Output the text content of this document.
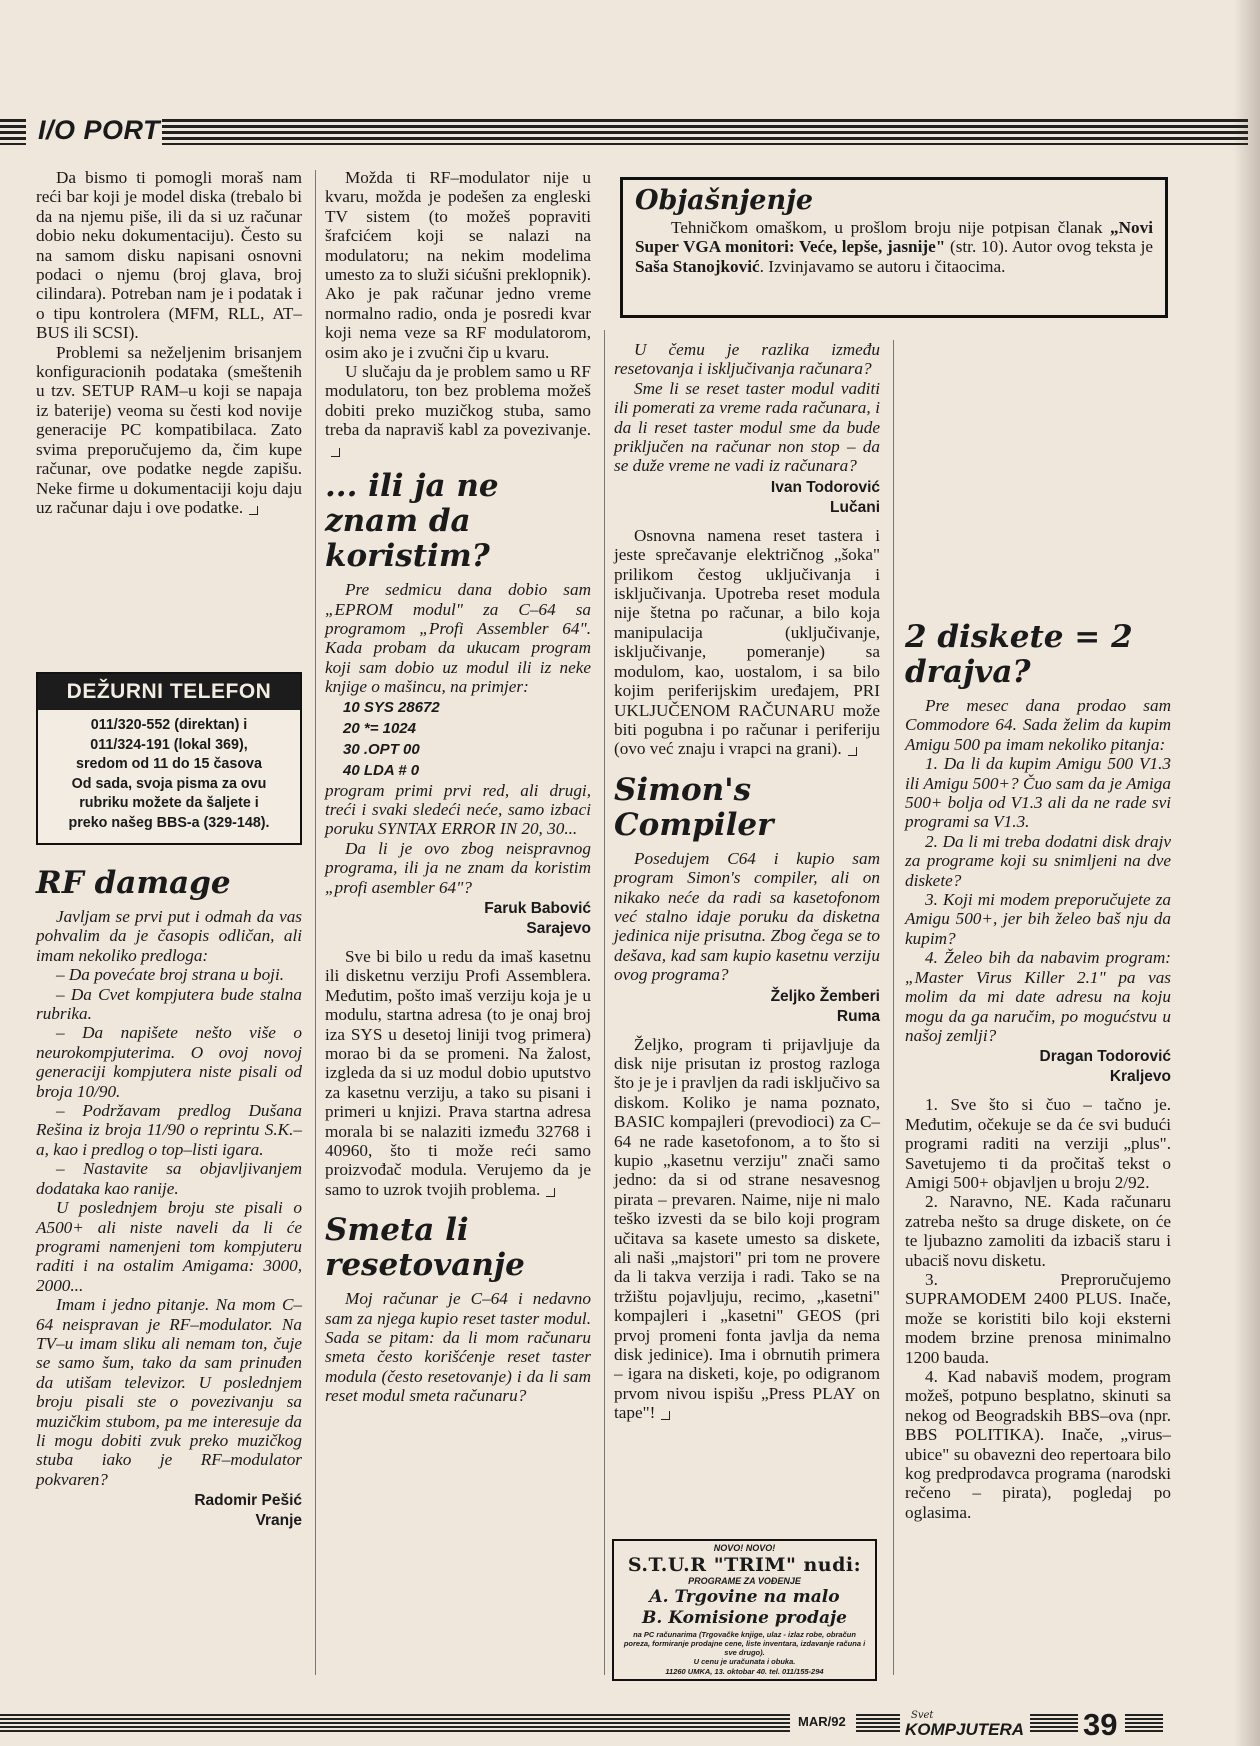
I/O PORT

Da bismo ti pomogli moraš nam reći bar koji je model diska (trebalo bi da na njemu piše, ili da si uz računar dobio neku dokumentaciju). Često su na samom disku napisani osnovni podaci o njemu (broj glava, broj cilindara). Potreban nam je i podatak i o tipu kontrolera (MFM, RLL, AT–BUS ili SCSI).

Problemi sa neželjenim brisanjem konfiguracionih podataka (smeštenih u tzv. SETUP RAM–u koji se napaja iz baterije) veoma su česti kod novije generacije PC kompatibilaca. Zato svima preporučujemo da, čim kupe računar, ove podatke negde zapišu. Neke firme u dokumentaciji koju daju uz računar daju i ove podatke.

DEŽURNI TELEFON
011/320-552 (direktan) i
011/324-191 (lokal 369),
sredom od 11 do 15 časova
Od sada, svoja pisma za ovu
rubriku možete da šaljete i
preko našeg BBS-a (329-148).
RF damage

Javljam se prvi put i odmah da vas pohvalim da je časopis odličan, ali imam nekoliko predloga:

– Da povećate broj strana u boji.

– Da Cvet kompjutera bude stalna rubrika.

– Da napišete nešto više o neurokompjuterima. O ovoj novoj generaciji kompjutera niste pisali od broja 10/90.

– Podržavam predlog Dušana Rešina iz broja 11/90 o reprintu S.K.–a, kao i predlog o top–listi igara.

– Nastavite sa objavljivanjem dodataka kao ranije.

U poslednjem broju ste pisali o A500+ ali niste naveli da li će programi namenjeni tom kompjuteru raditi i na ostalim Amigama: 3000, 2000...

Imam i jedno pitanje. Na mom C–64 neispravan je RF–modulator. Na TV–u imam sliku ali nemam ton, čuje se samo šum, tako da sam prinuđen da utišam televizor. U poslednjem broju pisali ste o povezivanju sa muzičkim stubom, pa me interesuje da li mogu dobiti zvuk preko muzičkog stuba iako je RF–modulator pokvaren?

Radomir Pešić
Vranje

Možda ti RF–modulator nije u kvaru, možda je podešen za engleski TV sistem (to možeš popraviti šrafcićem koji se nalazi na modulatoru; na nekim modelima umesto za to služi sićušni preklopnik). Ako je pak računar jedno vreme normalno radio, onda je posredi kvar koji nema veze sa RF modulatorom, osim ako je i zvučni čip u kvaru.

U slučaju da je problem samo u RF modulatoru, ton bez problema možeš dobiti preko muzičkog stuba, samo treba da napraviš kabl za povezivanje.

... ili ja ne znam da koristim?

Pre sedmicu dana dobio sam „EPROM modul" za C–64 sa programom „Profi Assembler 64". Kada probam da ukucam program koji sam dobio uz modul ili iz neke knjige o mašincu, na primjer:

10 SYS 28672
20 *= 1024
30 .OPT 00
40 LDA # 0

program primi prvi red, ali drugi, treći i svaki sledeći neće, samo izbaci poruku SYNTAX ERROR IN 20, 30...

Da li je ovo zbog neispravnog programa, ili ja ne znam da koristim „profi asembler 64"?

Faruk Babović
Sarajevo

Sve bi bilo u redu da imaš kasetnu ili disketnu verziju Profi Assemblera. Međutim, pošto imaš verziju koja je u modulu, startna adresa (to je onaj broj iza SYS u desetoj liniji tvog primera) morao bi da se promeni. Na žalost, izgleda da si uz modul dobio uputstvo za kasetnu verziju, a tako su pisani i primeri u knjizi. Prava startna adresa morala bi se nalaziti između 32768 i 40960, što ti može reći samo proizvođač modula. Verujemo da je samo to uzrok tvojih problema.

Smeta li resetovanje

Moj računar je C–64 i nedavno sam za njega kupio reset taster modul. Sada se pitam: da li mom računaru smeta često korišćenje reset taster modula (često resetovanje) i da li sam reset modul smeta računaru?

Objašnjenje
Tehničkom omaškom, u prošlom broju nije potpisan članak „Novi Super VGA monitori: Veće, lepše, jasnije" (str. 10). Autor ovog teksta je Saša Stanojković. Izvinjavamo se autoru i čitaocima.

U čemu je razlika između resetovanja i isključivanja računara?

Sme li se reset taster modul vaditi ili pomerati za vreme rada računara, i da li reset taster modul sme da bude priključen na računar non stop – da se duže vreme ne vadi iz računara?

Ivan Todorović
Lučani

Osnovna namena reset tastera i jeste sprečavanje električnog „šoka" prilikom čestog uključivanja i isključivanja. Upotreba reset modula nije štetna po računar, a bilo koja manipulacija (uključivanje, isključivanje, pomeranje) sa modulom, kao, uostalom, i sa bilo kojim periferijskim uređajem, PRI UKLJUČENOM RAČUNARU može biti pogubna i po računar i periferiju (ovo već znaju i vrapci na grani).

Simon's Compiler

Posedujem C64 i kupio sam program Simon's compiler, ali on nikako neće da radi sa kasetofonom već stalno idaje poruku da disketna jedinica nije prisutna. Zbog čega se to dešava, kad sam kupio kasetnu verziju ovog programa?

Željko Žemberi
Ruma

Željko, program ti prijavljuje da disk nije prisutan iz prostog razloga što je je i pravljen da radi isključivo sa diskom. Koliko je nama poznato, BASIC kompajleri (prevodioci) za C–64 ne rade kasetofonom, a to što si kupio „kasetnu verziju" znači samo jedno: da si od strane nesavesnog pirata – prevaren. Naime, nije ni malo teško izvesti da se bilo koji program učitava sa kasete umesto sa diskete, ali naši „majstori" pri tom ne provere da li takva verzija i radi. Tako se na tržištu pojavljuju, recimo, „kasetni" kompajleri i „kasetni" GEOS (pri prvoj promeni fonta javlja da nema disk jedinice). Ima i obrnutih primera – igara na disketi, koje, po odigranom prvom nivou ispišu „Press PLAY on tape"!

NOVO! NOVO!
S.T.U.R "TRIM" nudi:
PROGRAME ZA VOĐENJE
A. Trgovine na malo
B. Komisione prodaje
na PC računarima (Trgovačke knjige, ulaz - izlaz robe, obračun poreza, formiranje prodajne cene, liste inventara, izdavanje računa i sve drugo).
U cenu je uračunata i obuka.
11260 UMKA, 13. oktobar 40. tel. 011/155-294
2 diskete = 2 drajva?

Pre mesec dana prodao sam Commodore 64. Sada želim da kupim Amigu 500 pa imam nekoliko pitanja:

1. Da li da kupim Amigu 500 V1.3 ili Amigu 500+? Čuo sam da je Amiga 500+ bolja od V1.3 ali da ne rade svi programi sa V1.3.

2. Da li mi treba dodatni disk drajv za programe koji su snimljeni na dve diskete?

3. Koji mi modem preporučujete za Amigu 500+, jer bih želeo baš nju da kupim?

4. Želeo bih da nabavim program: „Master Virus Killer 2.1" pa vas molim da mi date adresu na koju mogu da ga naručim, po mogućstvu u našoj zemlji?

Dragan Todorović
Kraljevo

1. Sve što si čuo – tačno je. Međutim, očekuje se da će svi budući programi raditi na verziji „plus". Savetujemo ti da pročitaš tekst o Amigi 500+ objavljen u broju 2/92.

2. Naravno, NE. Kada računaru zatreba nešto sa druge diskete, on će te ljubazno zamoliti da izbaciš staru i ubaciš novu disketu.

3. Preproručujemo SUPRAMODEM 2400 PLUS. Inače, može se koristiti bilo koji eksterni modem brzine prenosa minimalno 1200 bauda.

4. Kad nabaviš modem, program možeš, potpuno besplatno, skinuti sa nekog od Beogradskih BBS–ova (npr. BBS POLITIKA). Inače, „virus–ubice" su obavezni deo repertoara bilo kog predprodavca programa (narodski rečeno – pirata), pogledaj po oglasima.

MAR/92	Svet
KOMPJUTERA 39
